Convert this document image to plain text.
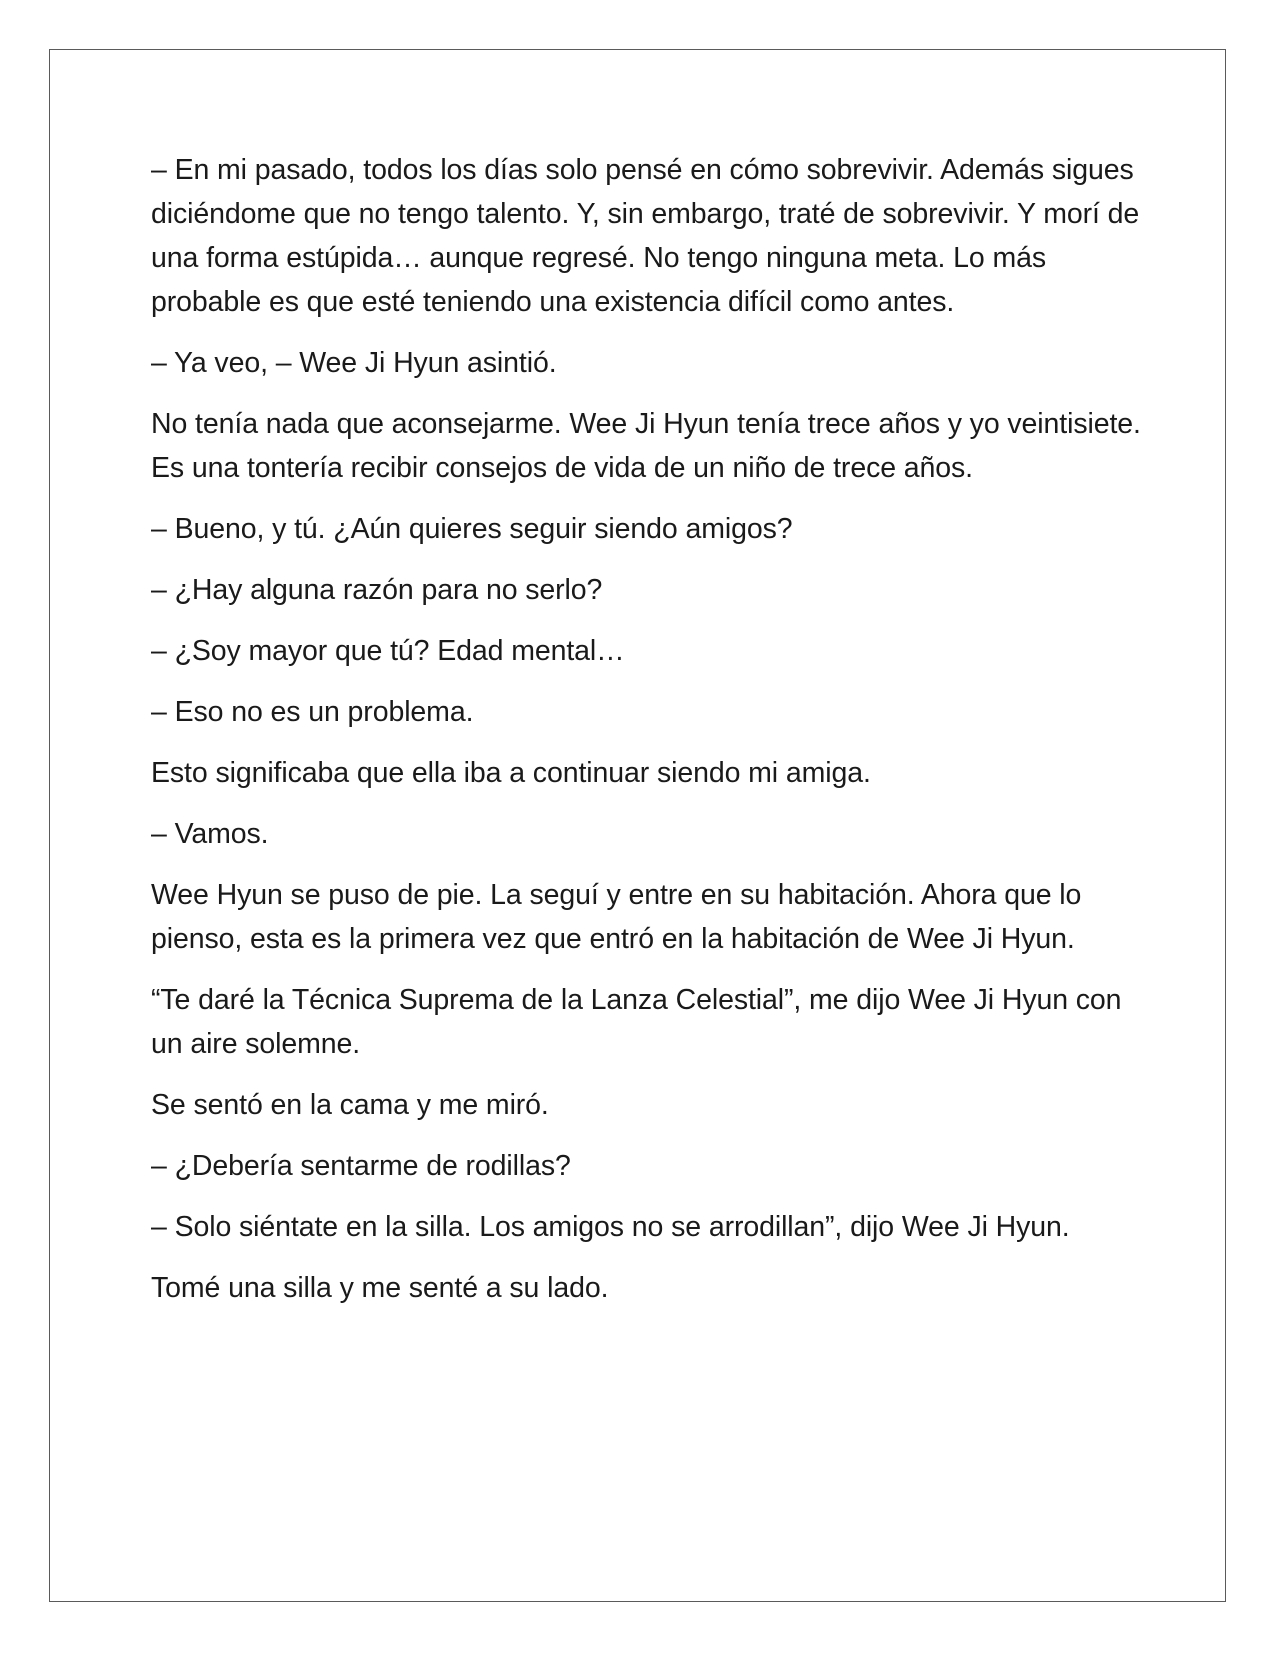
– En mi pasado, todos los días solo pensé en cómo sobrevivir. Además sigues diciéndome que no tengo talento. Y, sin embargo, traté de sobrevivir. Y morí de una forma estúpida… aunque regresé. No tengo ninguna meta. Lo más probable es que esté teniendo una existencia difícil como antes.

– Ya veo, – Wee Ji Hyun asintió.

No tenía nada que aconsejarme. Wee Ji Hyun tenía trece años y yo veintisiete. Es una tontería recibir consejos de vida de un niño de trece años.

– Bueno, y tú. ¿Aún quieres seguir siendo amigos?

– ¿Hay alguna razón para no serlo?

– ¿Soy mayor que tú? Edad mental…

– Eso no es un problema.

Esto significaba que ella iba a continuar siendo mi amiga.

– Vamos.

Wee Hyun se puso de pie. La seguí y entre en su habitación. Ahora que lo pienso, esta es la primera vez que entró en la habitación de Wee Ji Hyun.

“Te daré la Técnica Suprema de la Lanza Celestial”, me dijo Wee Ji Hyun con un aire solemne.

Se sentó en la cama y me miró.

– ¿Debería sentarme de rodillas?

– Solo siéntate en la silla. Los amigos no se arrodillan”, dijo Wee Ji Hyun.

Tomé una silla y me senté a su lado.
